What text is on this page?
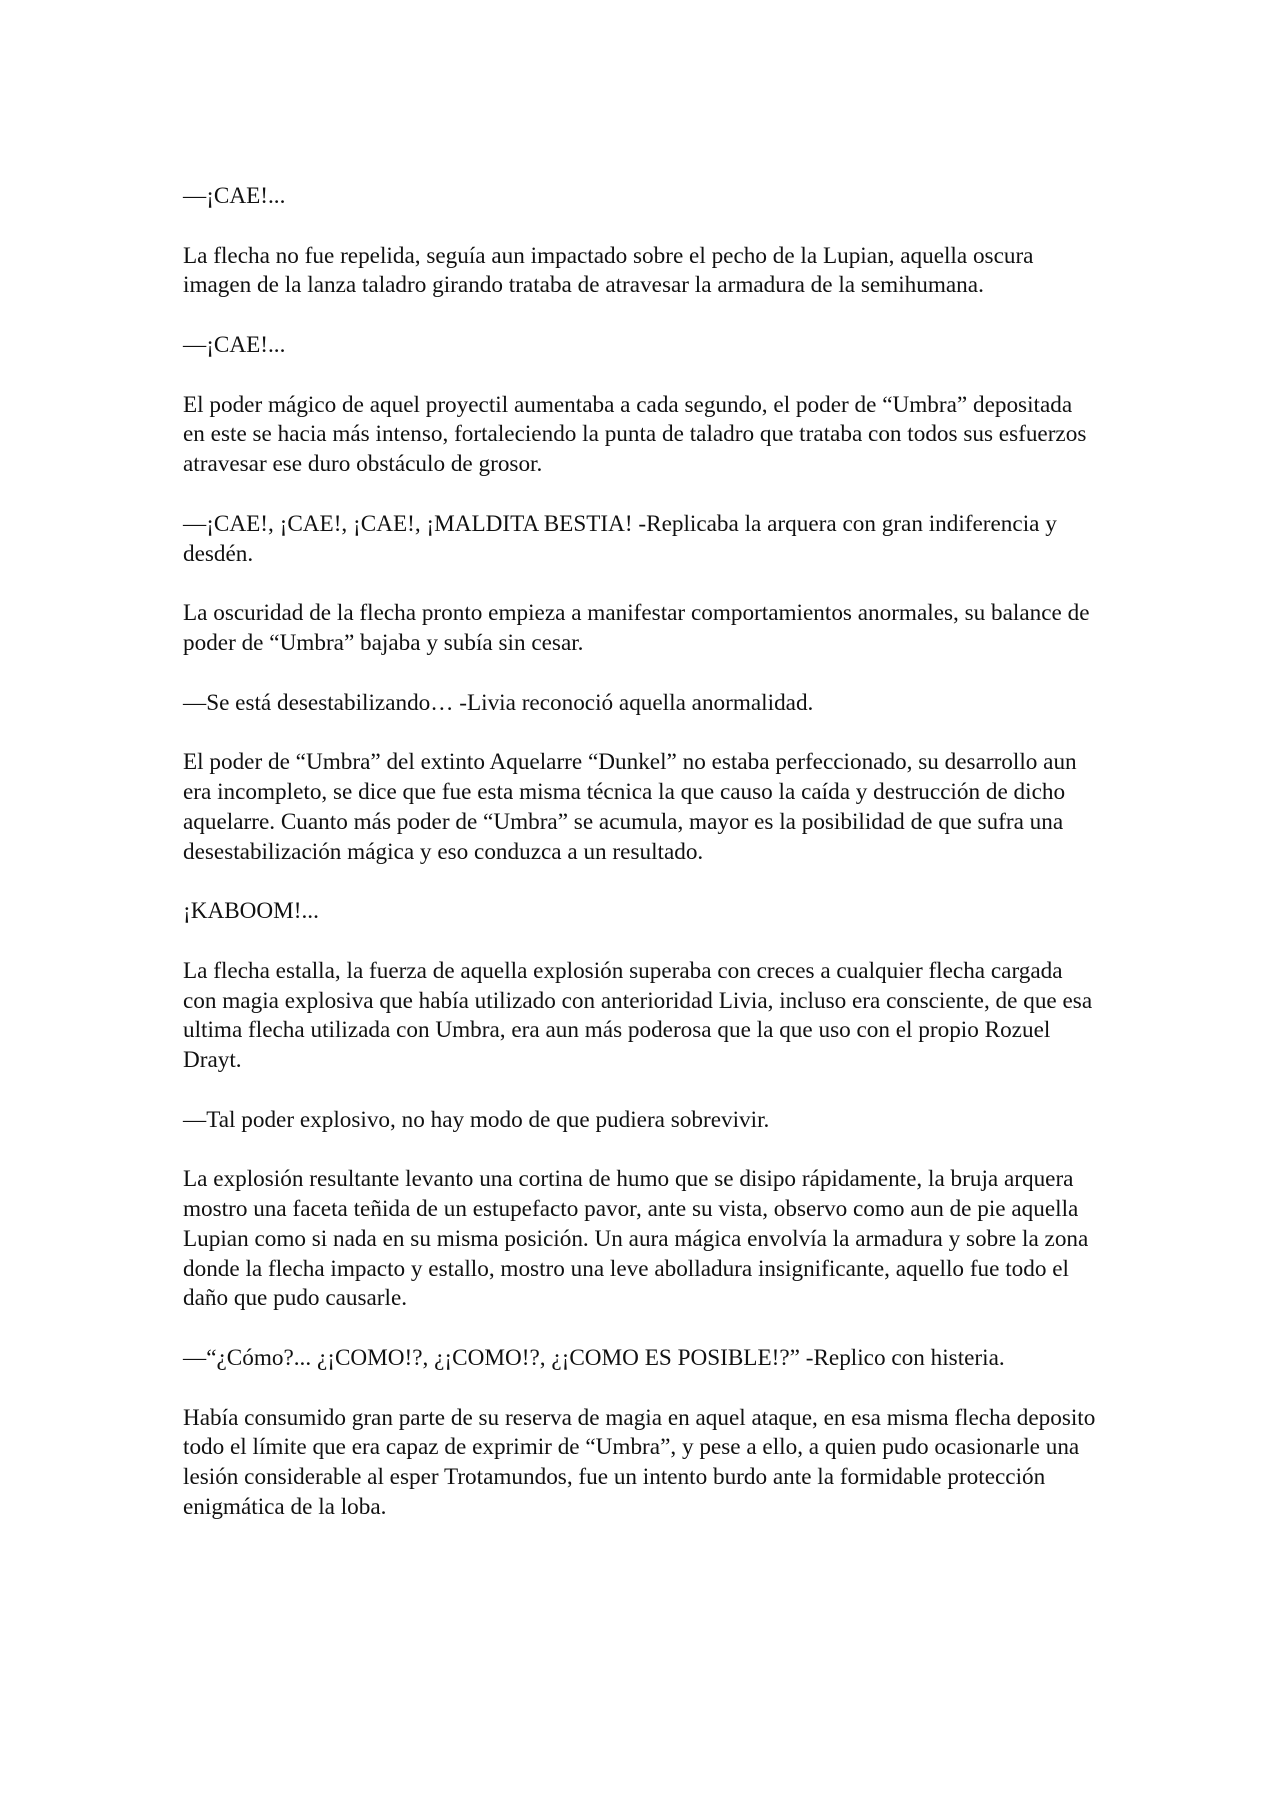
—¡CAE!...

La flecha no fue repelida, seguía aun impactado sobre el pecho de la Lupian, aquella oscura imagen de la lanza taladro girando trataba de atravesar la armadura de la semihumana.

—¡CAE!...

El poder mágico de aquel proyectil aumentaba a cada segundo, el poder de “Umbra” depositada en este se hacia más intenso, fortaleciendo la punta de taladro que trataba con todos sus esfuerzos atravesar ese duro obstáculo de grosor.

—¡CAE!, ¡CAE!, ¡CAE!, ¡MALDITA BESTIA! -Replicaba la arquera con gran indiferencia y desdén.

La oscuridad de la flecha pronto empieza a manifestar comportamientos anormales, su balance de poder de “Umbra” bajaba y subía sin cesar.

—Se está desestabilizando… -Livia reconoció aquella anormalidad.

El poder de “Umbra” del extinto Aquelarre “Dunkel” no estaba perfeccionado, su desarrollo aun era incompleto, se dice que fue esta misma técnica la que causo la caída y destrucción de dicho aquelarre. Cuanto más poder de “Umbra” se acumula, mayor es la posibilidad de que sufra una desestabilización mágica y eso conduzca a un resultado.

¡KABOOM!...

La flecha estalla, la fuerza de aquella explosión superaba con creces a cualquier flecha cargada con magia explosiva que había utilizado con anterioridad Livia, incluso era consciente, de que esa ultima flecha utilizada con Umbra, era aun más poderosa que la que uso con el propio Rozuel Drayt.

—Tal poder explosivo, no hay modo de que pudiera sobrevivir.

La explosión resultante levanto una cortina de humo que se disipo rápidamente, la bruja arquera mostro una faceta teñida de un estupefacto pavor, ante su vista, observo como aun de pie aquella Lupian como si nada en su misma posición. Un aura mágica envolvía la armadura y sobre la zona donde la flecha impacto y estallo, mostro una leve abolladura insignificante, aquello fue todo el daño que pudo causarle.

—“¿Cómo?... ¿¡COMO!?, ¿¡COMO!?, ¿¡COMO ES POSIBLE!?” -Replico con histeria.

Había consumido gran parte de su reserva de magia en aquel ataque, en esa misma flecha deposito todo el límite que era capaz de exprimir de “Umbra”, y pese a ello, a quien pudo ocasionarle una lesión considerable al esper Trotamundos, fue un intento burdo ante la formidable protección enigmática de la loba.
